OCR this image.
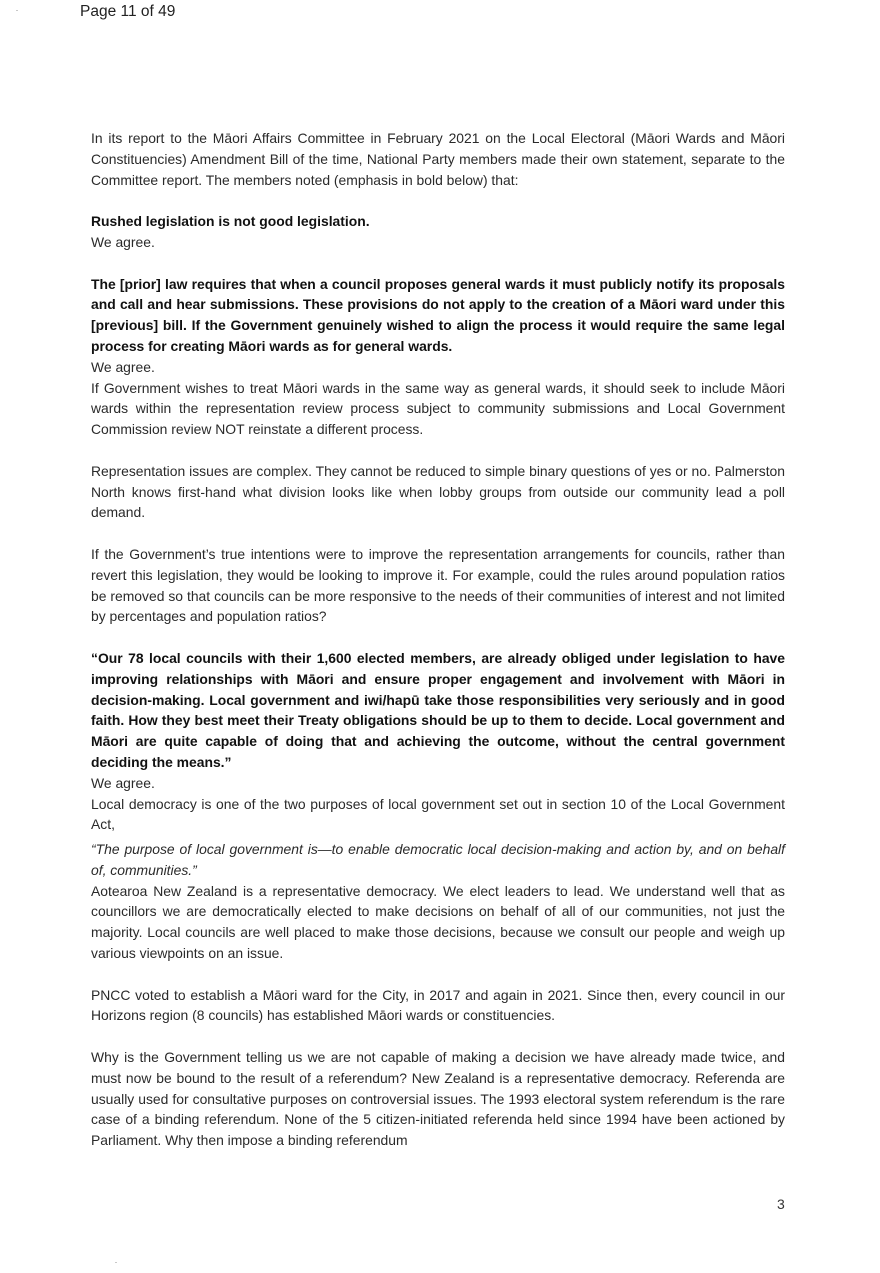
Page 11 of 49

In its report to the Māori Affairs Committee in February 2021 on the Local Electoral (Māori Wards and Māori Constituencies) Amendment Bill of the time, National Party members made their own statement, separate to the Committee report. The members noted (emphasis in bold below) that:

Rushed legislation is not good legislation.

We agree.

The [prior] law requires that when a council proposes general wards it must publicly notify its proposals and call and hear submissions. These provisions do not apply to the creation of a Māori ward under this [previous] bill. If the Government genuinely wished to align the process it would require the same legal process for creating Māori wards as for general wards.

We agree.

If Government wishes to treat Māori wards in the same way as general wards, it should seek to include Māori wards within the representation review process subject to community submissions and Local Government Commission review NOT reinstate a different process.

Representation issues are complex. They cannot be reduced to simple binary questions of yes or no. Palmerston North knows first-hand what division looks like when lobby groups from outside our community lead a poll demand.

If the Government’s true intentions were to improve the representation arrangements for councils, rather than revert this legislation, they would be looking to improve it. For example, could the rules around population ratios be removed so that councils can be more responsive to the needs of their communities of interest and not limited by percentages and population ratios?

“Our 78 local councils with their 1,600 elected members, are already obliged under legislation to have improving relationships with Māori and ensure proper engagement and involvement with Māori in decision-making. Local government and iwi/hapū take those responsibilities very seriously and in good faith. How they best meet their Treaty obligations should be up to them to decide. Local government and Māori are quite capable of doing that and achieving the outcome, without the central government deciding the means.”

We agree.

Local democracy is one of the two purposes of local government set out in section 10 of the Local Government Act,

“The purpose of local government is—to enable democratic local decision-making and action by, and on behalf of, communities.”

Aotearoa New Zealand is a representative democracy. We elect leaders to lead. We understand well that as councillors we are democratically elected to make decisions on behalf of all of our communities, not just the majority. Local councils are well placed to make those decisions, because we consult our people and weigh up various viewpoints on an issue.

PNCC voted to establish a Māori ward for the City, in 2017 and again in 2021. Since then, every council in our Horizons region (8 councils) has established Māori wards or constituencies.

Why is the Government telling us we are not capable of making a decision we have already made twice, and must now be bound to the result of a referendum? New Zealand is a representative democracy. Referenda are usually used for consultative purposes on controversial issues. The 1993 electoral system referendum is the rare case of a binding referendum. None of the 5 citizen-initiated referenda held since 1994 have been actioned by Parliament. Why then impose a binding referendum

3
